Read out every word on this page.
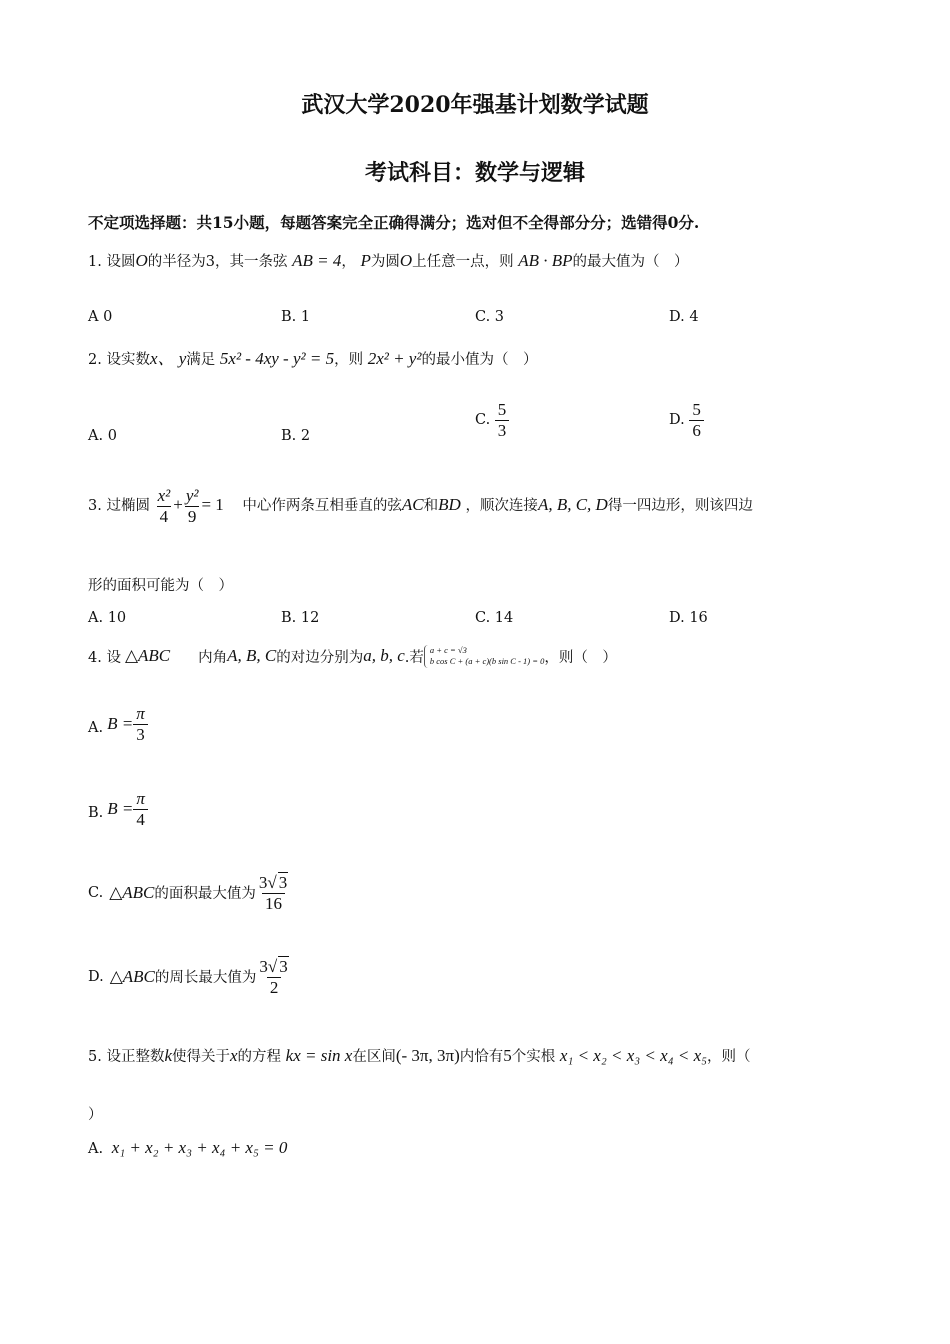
武汉大学2020年强基计划数学试题
考试科目：数学与逻辑
不定项选择题：共15小题，每题答案完全正确得满分；选对但不全得部分分；选错得0分.
1. 设圆O的半径为3，其一条弦 AB = 4， P为圆O上任意一点，则 AB · BP的最大值为（　）
A 0	B. 1	C. 3	D. 4
2. 设实数x、 y满足 5x² - 4xy - y² = 5，则 2x² + y²的最小值为（　）
A. 0	B. 2
C. $\frac{5}{3}$	D. $\frac{5}{6}$
3. 过椭圆 $\frac{\text{x²}}{4} + \frac{\text{y²}}{9} = 1$ 中心作两条互相垂直的弦AC和BD ，顺次连接A, B, C, D得一四边形，则该四边
形的面积可能为（　）
A. 10	B. 12	C. 14	D. 16
4. 设 △ABC 内角 A, B, C 的对边分别为 a, b, c .若 a + c = √3
b cos C + (a + c)(b sin C - 1) = 0 ，则（　）
A. $B = \frac{\pi}{3}$
B. $B = \frac{\pi}{4}$
C. △ABC 的面积最大值为 $\frac{3√ 3}{16}$
D. △ABC 的周长最大值为 $\frac{3√ 3}{2}$
5. 设正整数k使得关于x的方程 kx = sin x在区间(- 3π, 3π)内恰有5个实根 x₁ < x₂ < x₃ < x₄ < x₅，则（
）
A. x₁ + x₂ + x₃ + x₄ + x₅ = 0
